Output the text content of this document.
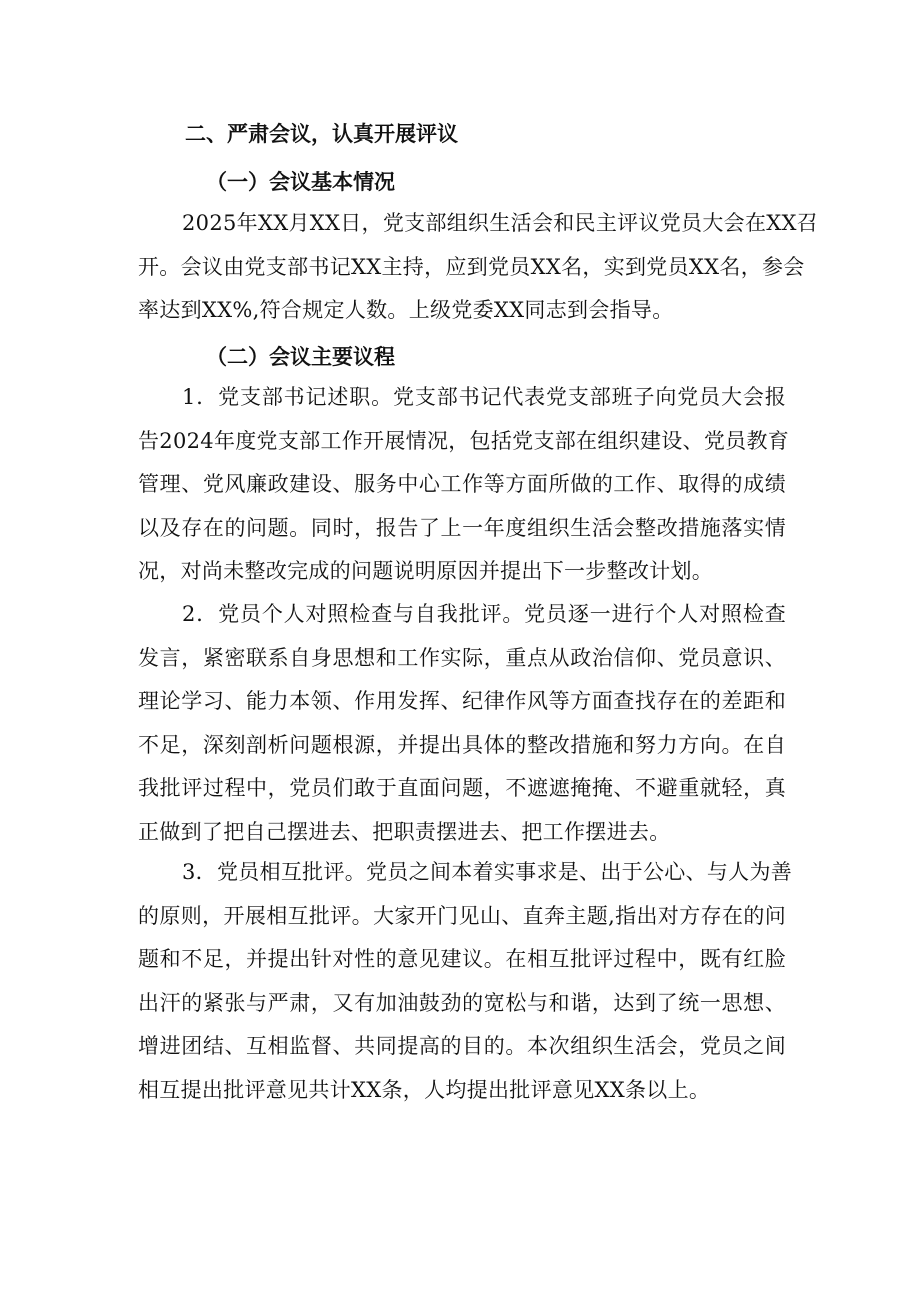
二、严肃会议，认真开展评议
（一）会议基本情况
2025年XX月XX日，党支部组织生活会和民主评议党员大会在XX召
开。会议由党支部书记XX主持，应到党员XX名，实到党员XX名，参会
率达到XX%,符合规定人数。上级党委XX同志到会指导。
（二）会议主要议程
1．党支部书记述职。党支部书记代表党支部班子向党员大会报
告2024年度党支部工作开展情况，包括党支部在组织建设、党员教育
管理、党风廉政建设、服务中心工作等方面所做的工作、取得的成绩
以及存在的问题。同时，报告了上一年度组织生活会整改措施落实情
况，对尚未整改完成的问题说明原因并提出下一步整改计划。
2．党员个人对照检查与自我批评。党员逐一进行个人对照检查
发言，紧密联系自身思想和工作实际，重点从政治信仰、党员意识、
理论学习、能力本领、作用发挥、纪律作风等方面查找存在的差距和
不足，深刻剖析问题根源，并提出具体的整改措施和努力方向。在自
我批评过程中，党员们敢于直面问题，不遮遮掩掩、不避重就轻，真
正做到了把自己摆进去、把职责摆进去、把工作摆进去。
3．党员相互批评。党员之间本着实事求是、出于公心、与人为善
的原则，开展相互批评。大家开门见山、直奔主题,指出对方存在的问
题和不足，并提出针对性的意见建议。在相互批评过程中，既有红脸
出汗的紧张与严肃，又有加油鼓劲的宽松与和谐，达到了统一思想、
增进团结、互相监督、共同提高的目的。本次组织生活会，党员之间
相互提出批评意见共计XX条，人均提出批评意见XX条以上。
